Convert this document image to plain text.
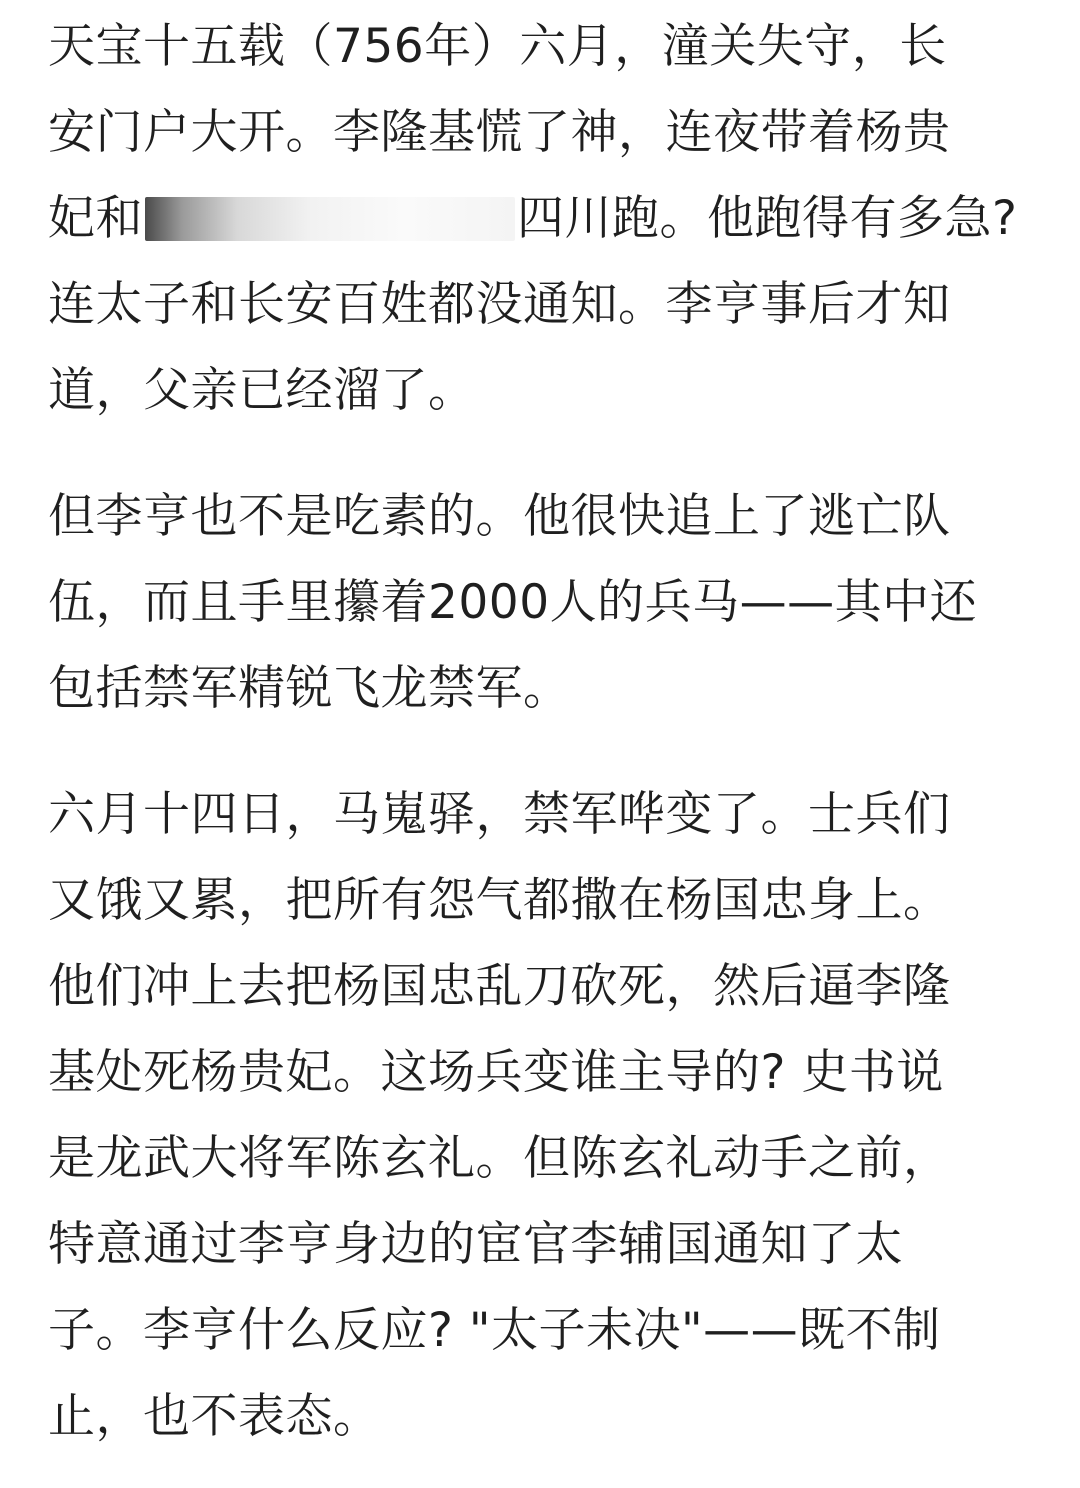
天宝十五载（756年）六月，潼关失守，长
安门户大开。李隆基慌了神，连夜带着杨贵
妃和	四川跑。他跑得有多急?
连太子和长安百姓都没通知。李亨事后才知
道，父亲已经溜了。
但李亨也不是吃素的。他很快追上了逃亡队
伍，而且手里攥着2000人的兵马——其中还
包括禁军精锐飞龙禁军。
六月十四日，马嵬驿，禁军哗变了。士兵们
又饿又累，把所有怨气都撒在杨国忠身上。
他们冲上去把杨国忠乱刀砍死，然后逼李隆
基处死杨贵妃。这场兵变谁主导的? 史书说
是龙武大将军陈玄礼。但陈玄礼动手之前，
特意通过李亨身边的宦官李辅国通知了太
子。李亨什么反应? "太子未决"——既不制
止，也不表态。
